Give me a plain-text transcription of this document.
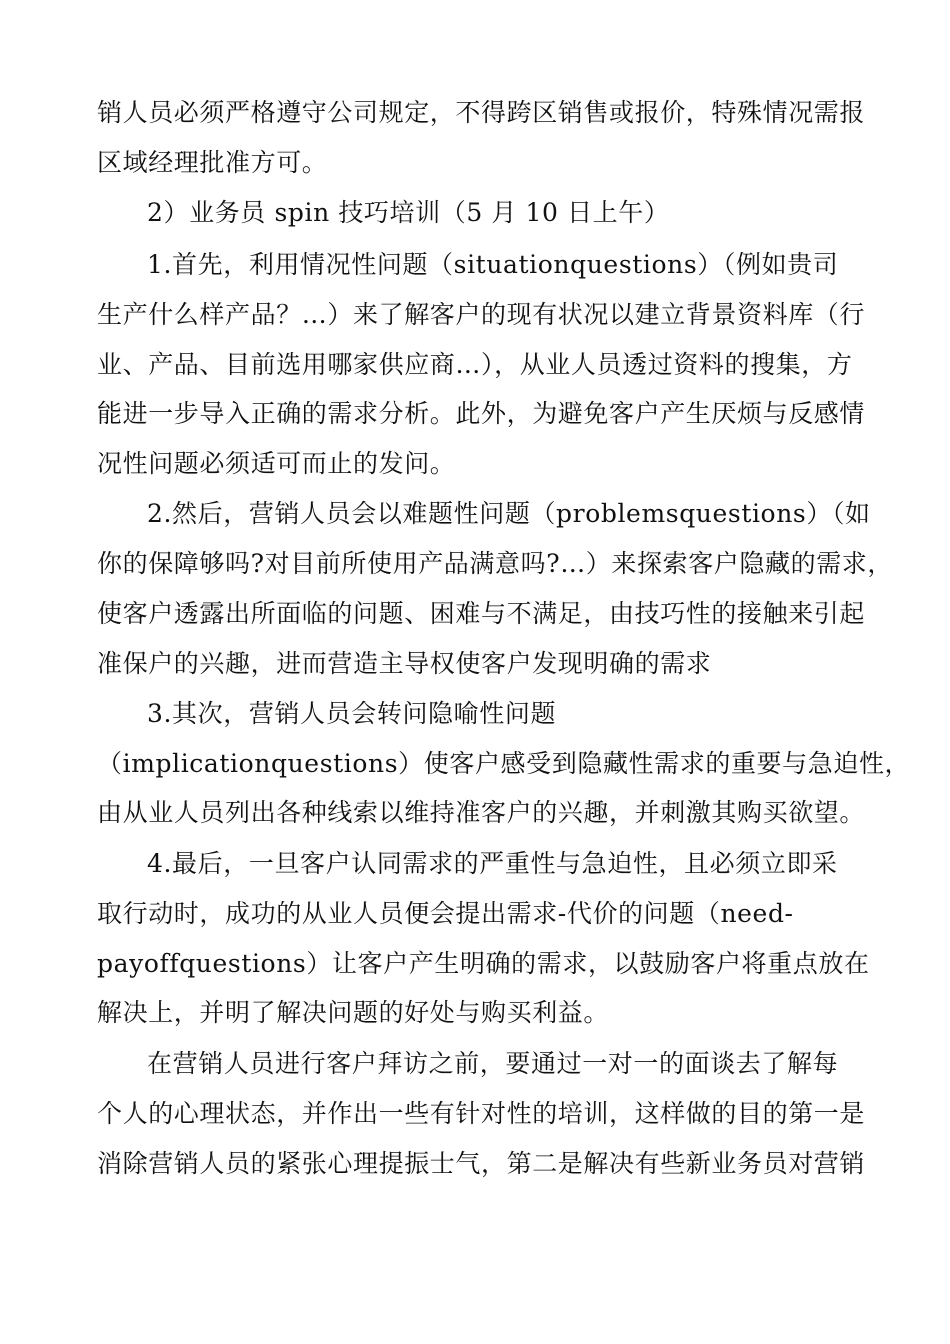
销人员必须严格遵守公司规定，不得跨区销售或报价，特殊情况需报
区域经理批准方可。
2）业务员 spin 技巧培训（5 月 10 日上午）
1.首先，利用情况性问题（situationquestions）（例如贵司
生产什么样产品？…）来了解客户的现有状况以建立背景资料库（行
业、产品、目前选用哪家供应商…），从业人员透过资料的搜集，方
能进一步导入正确的需求分析。此外，为避免客户产生厌烦与反感情
况性问题必须适可而止的发问。
2.然后，营销人员会以难题性问题（problemsquestions）（如
你的保障够吗?对目前所使用产品满意吗?…）来探索客户隐藏的需求，
使客户透露出所面临的问题、困难与不满足，由技巧性的接触来引起
准保户的兴趣，进而营造主导权使客户发现明确的需求
3.其次，营销人员会转问隐喻性问题
（implicationquestions）使客户感受到隐藏性需求的重要与急迫性，
由从业人员列出各种线索以维持准客户的兴趣，并刺激其购买欲望。
4.最后，一旦客户认同需求的严重性与急迫性，且必须立即采
取行动时，成功的从业人员便会提出需求-代价的问题（need-
payoffquestions）让客户产生明确的需求，以鼓励客户将重点放在
解决上，并明了解决问题的好处与购买利益。
在营销人员进行客户拜访之前，要通过一对一的面谈去了解每
个人的心理状态，并作出一些有针对性的培训，这样做的目的第一是
消除营销人员的紧张心理提振士气，第二是解决有些新业务员对营销
